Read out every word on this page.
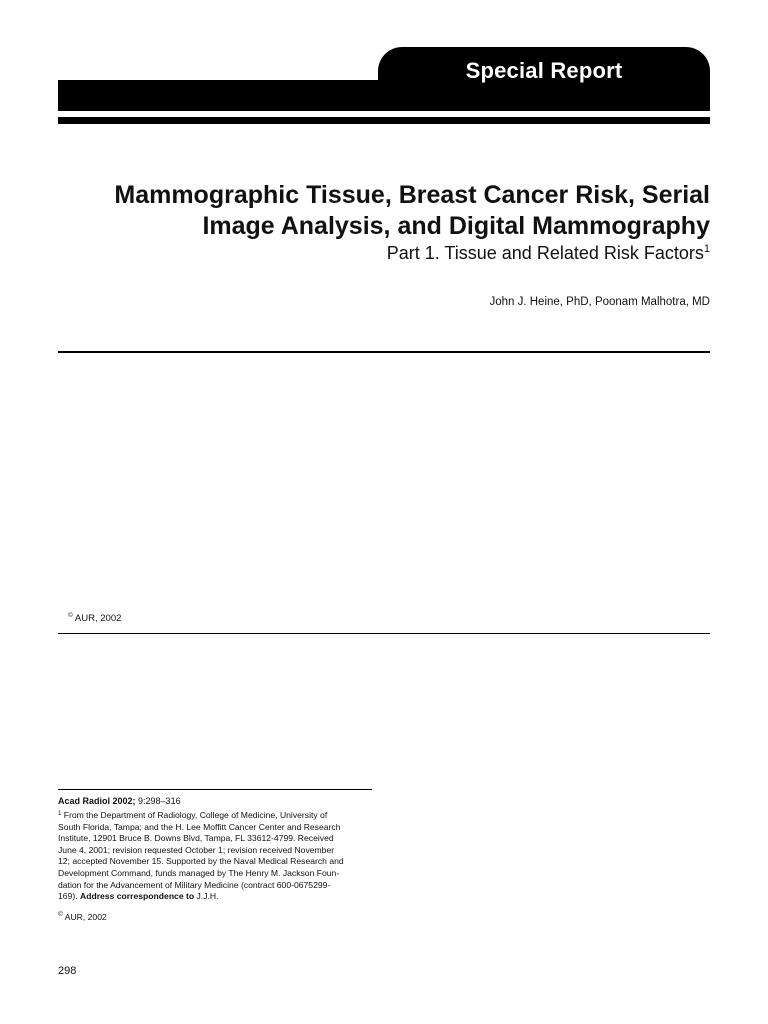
Special Report
Mammographic Tissue, Breast Cancer Risk, Serial
Image Analysis, and Digital Mammography

Part 1. Tissue and Related Risk Factors$^1$

John J. Heine, PhD, Poonam Malhotra, MD
© AUR, 2002
Acad Radiol 2002; 9:298–316

$^1$ From the Department of Radiology, College of Medicine, University of
South Florida, Tampa; and the H. Lee Moffitt Cancer Center and Research
Institute, 12901 Bruce B. Downs Blvd, Tampa, FL 33612-4799. Received
June 4, 2001; revision requested October 1; revision received November
12; accepted November 15. Supported by the Naval Medical Research and
Development Command, funds managed by The Henry M. Jackson Foun-
dation for the Advancement of Military Medicine (contract 600-0675299-
169). Address correspondence to J.J.H.

© AUR, 2002
298
